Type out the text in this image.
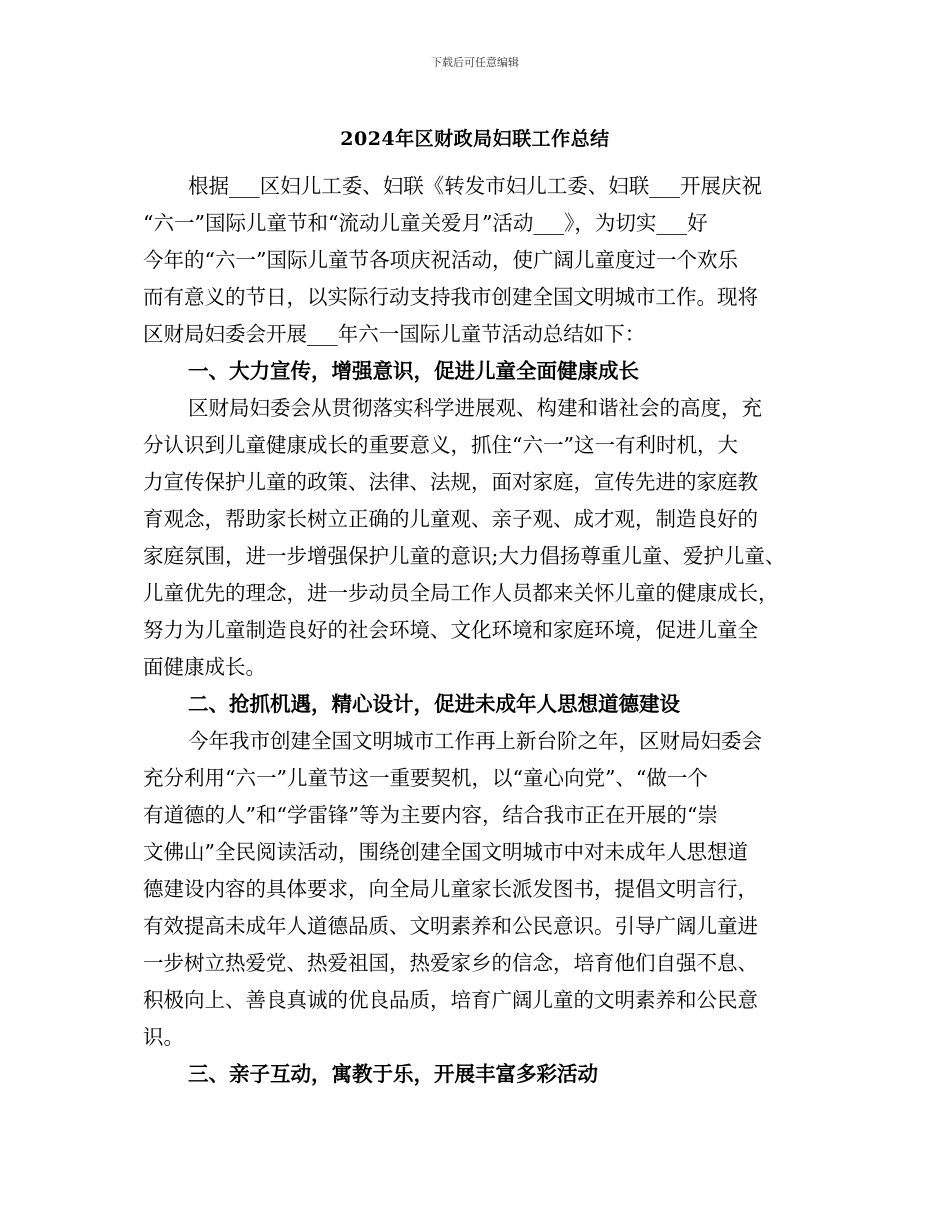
下载后可任意编辑
2024年区财政局妇联工作总结
根据___区妇儿工委、妇联《转发市妇儿工委、妇联___开展庆祝
“六一”国际儿童节和“流动儿童关爱月”活动___》，为切实___好
今年的“六一”国际儿童节各项庆祝活动，使广阔儿童度过一个欢乐
而有意义的节日，以实际行动支持我市创建全国文明城市工作。现将
区财局妇委会开展___年六一国际儿童节活动总结如下：
一、大力宣传，增强意识，促进儿童全面健康成长
区财局妇委会从贯彻落实科学进展观、构建和谐社会的高度，充
分认识到儿童健康成长的重要意义，抓住“六一”这一有利时机，大
力宣传保护儿童的政策、法律、法规，面对家庭，宣传先进的家庭教
育观念，帮助家长树立正确的儿童观、亲子观、成才观，制造良好的
家庭氛围，进一步增强保护儿童的意识;大力倡扬尊重儿童、爱护儿童、
儿童优先的理念，进一步动员全局工作人员都来关怀儿童的健康成长，
努力为儿童制造良好的社会环境、文化环境和家庭环境，促进儿童全
面健康成长。
二、抢抓机遇，精心设计，促进未成年人思想道德建设
今年我市创建全国文明城市工作再上新台阶之年，区财局妇委会
充分利用“六一”儿童节这一重要契机，以“童心向党”、“做一个
有道德的人”和“学雷锋”等为主要内容，结合我市正在开展的“崇
文佛山”全民阅读活动，围绕创建全国文明城市中对未成年人思想道
德建设内容的具体要求，向全局儿童家长派发图书，提倡文明言行，
有效提高未成年人道德品质、文明素养和公民意识。引导广阔儿童进
一步树立热爱党、热爱祖国，热爱家乡的信念，培育他们自强不息、
积极向上、善良真诚的优良品质，培育广阔儿童的文明素养和公民意
识。
三、亲子互动，寓教于乐，开展丰富多彩活动
